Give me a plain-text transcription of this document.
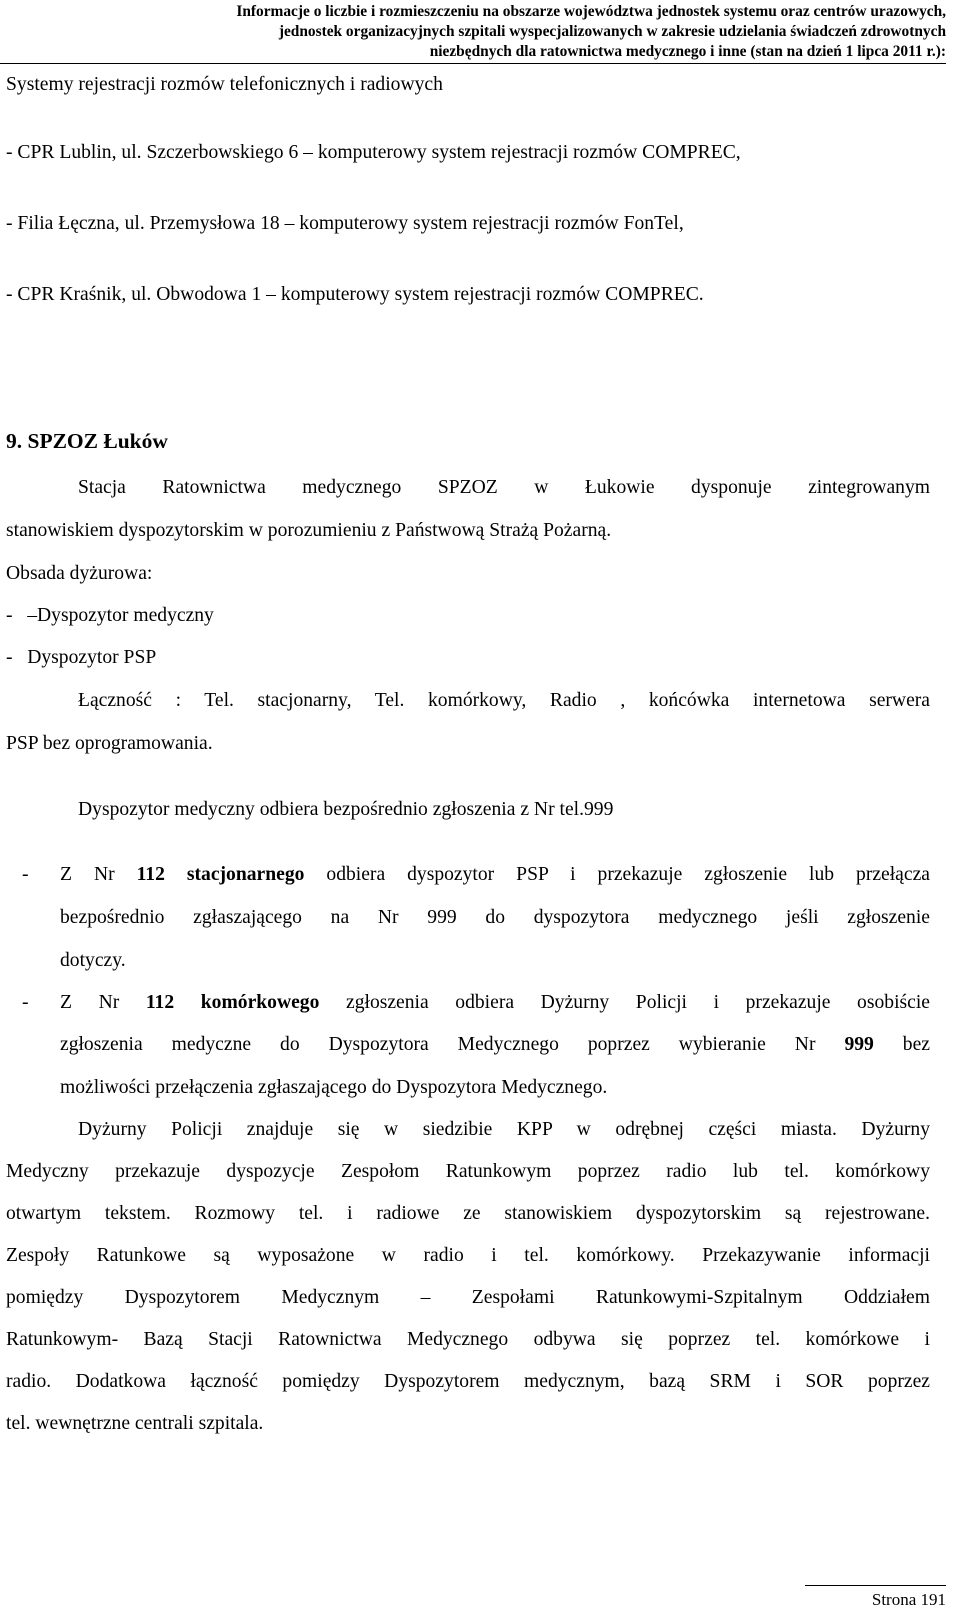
Informacje o liczbie i rozmieszczeniu na obszarze województwa jednostek systemu oraz centrów urazowych,
jednostek organizacyjnych szpitali wyspecjalizowanych w zakresie udzielania świadczeń zdrowotnych
niezbędnych dla ratownictwa medycznego i inne (stan na dzień 1 lipca 2011 r.):
Systemy rejestracji rozmów telefonicznych i radiowych
- CPR Lublin, ul. Szczerbowskiego 6 – komputerowy system rejestracji rozmów COMPREC,
- Filia Łęczna, ul. Przemysłowa 18 – komputerowy system rejestracji rozmów FonTel,
- CPR Kraśnik, ul. Obwodowa 1 – komputerowy system rejestracji rozmów COMPREC.
9. SPZOZ Łuków
Stacja Ratownictwa medycznego SPZOZ w Łukowie dysponuje zintegrowanym
stanowiskiem dyspozytorskim w porozumieniu z Państwową Strażą Pożarną.
Obsada dyżurowa:
-   –Dyspozytor medyczny
-   Dyspozytor PSP
Łączność : Tel. stacjonarny, Tel. komórkowy, Radio , końcówka internetowa serwera
PSP bez oprogramowania.
Dyspozytor medyczny odbiera bezpośrednio zgłoszenia z Nr tel.999
- Z Nr 112 stacjonarnego odbiera dyspozytor PSP i przekazuje zgłoszenie lub przełącza
bezpośrednio zgłaszającego na Nr 999 do dyspozytora medycznego jeśli zgłoszenie
dotyczy.
- Z Nr 112 komórkowego zgłoszenia odbiera Dyżurny Policji i przekazuje osobiście
zgłoszenia medyczne do Dyspozytora Medycznego poprzez wybieranie Nr 999 bez
możliwości przełączenia zgłaszającego do Dyspozytora Medycznego.
Dyżurny Policji znajduje się w siedzibie KPP w odrębnej części miasta. Dyżurny
Medyczny przekazuje dyspozycje Zespołom Ratunkowym poprzez radio lub tel. komórkowy
otwartym tekstem. Rozmowy tel. i radiowe ze stanowiskiem dyspozytorskim są rejestrowane.
Zespoły Ratunkowe są wyposażone w radio i tel. komórkowy. Przekazywanie informacji
pomiędzy Dyspozytorem Medycznym – Zespołami Ratunkowymi-Szpitalnym Oddziałem
Ratunkowym- Bazą Stacji Ratownictwa Medycznego odbywa się poprzez tel. komórkowe i
radio. Dodatkowa łączność pomiędzy Dyspozytorem medycznym, bazą SRM i SOR poprzez
tel. wewnętrzne centrali szpitala.
Strona 191
